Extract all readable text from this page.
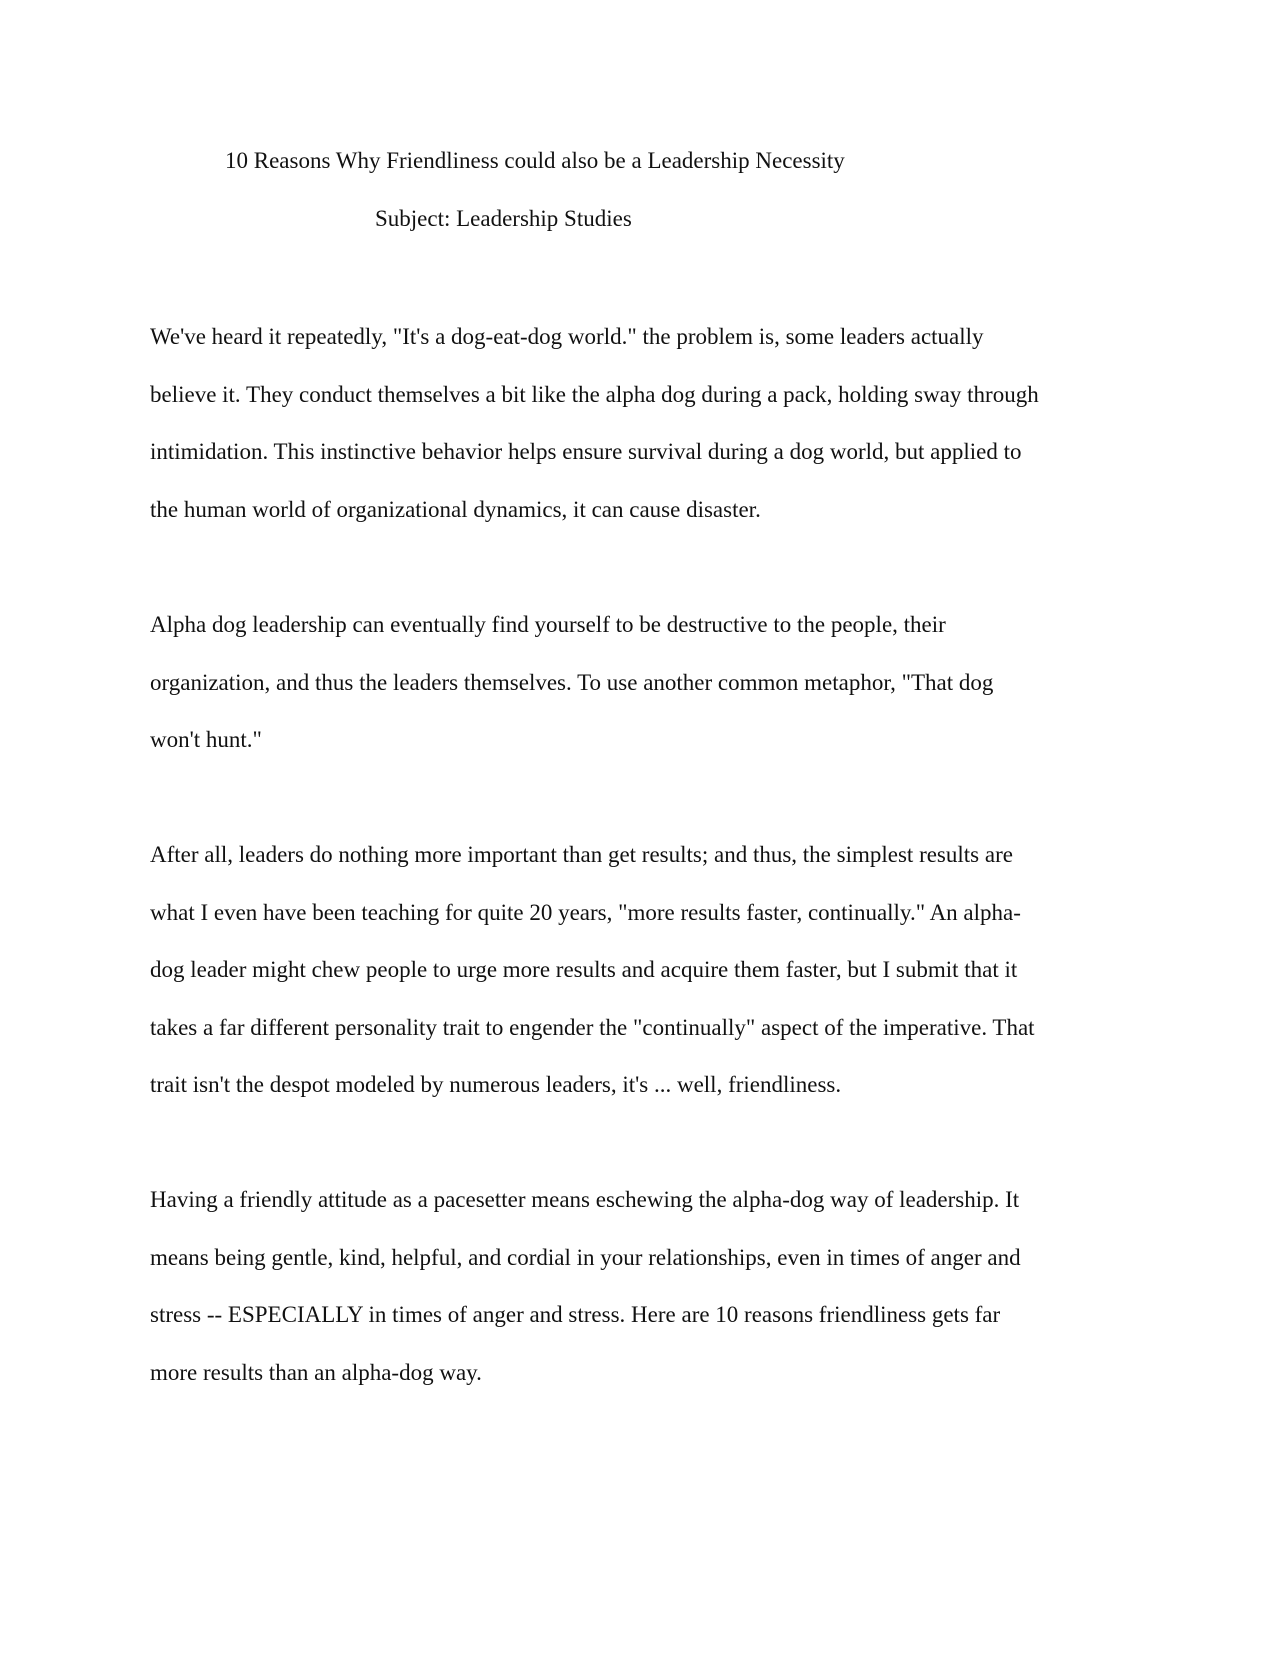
10 Reasons Why Friendliness could also be a Leadership Necessity
Subject: Leadership Studies

We've heard it repeatedly, "It's a dog-eat-dog world." the problem is, some leaders actually
believe it. They conduct themselves a bit like the alpha dog during a pack, holding sway through
intimidation. This instinctive behavior helps ensure survival during a dog world, but applied to
the human world of organizational dynamics, it can cause disaster.

Alpha dog leadership can eventually find yourself to be destructive to the people, their
organization, and thus the leaders themselves. To use another common metaphor, "That dog
won't hunt."

After all, leaders do nothing more important than get results; and thus, the simplest results are
what I even have been teaching for quite 20 years, "more results faster, continually." An alpha-
dog leader might chew people to urge more results and acquire them faster, but I submit that it
takes a far different personality trait to engender the "continually" aspect of the imperative. That
trait isn't the despot modeled by numerous leaders, it's ... well, friendliness.

Having a friendly attitude as a pacesetter means eschewing the alpha-dog way of leadership. It
means being gentle, kind, helpful, and cordial in your relationships, even in times of anger and
stress -- ESPECIALLY in times of anger and stress. Here are 10 reasons friendliness gets far
more results than an alpha-dog way.
